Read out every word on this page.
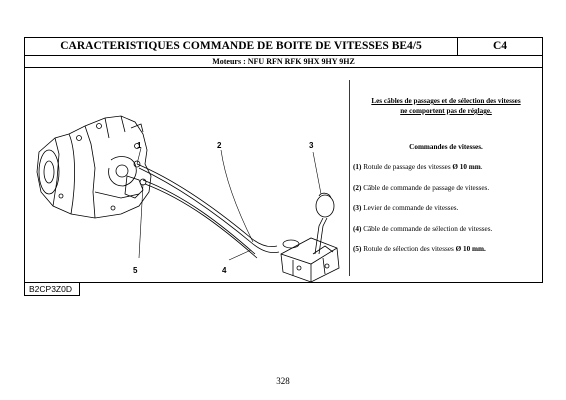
CARACTERISTIQUES COMMANDE DE BOITE DE VITESSES BE4/5	C4
Moteurs : NFU RFN RFK 9HX 9HY 9HZ
1	2	3
4
5

Les câbles de passages et de sélection des vitesses

ne comportent pas de réglage.

Commandes de vitesses.

(1) Rotule de passage des vitesses Ø 10 mm.

(2) Câble de commande de passage de vitesses.

(3) Levier de commande de vitesses.

(4) Câble de commande de sélection de vitesses.

(5) Rotule de sélection des vitesses Ø 10 mm.

B2CP3Z0D
328
